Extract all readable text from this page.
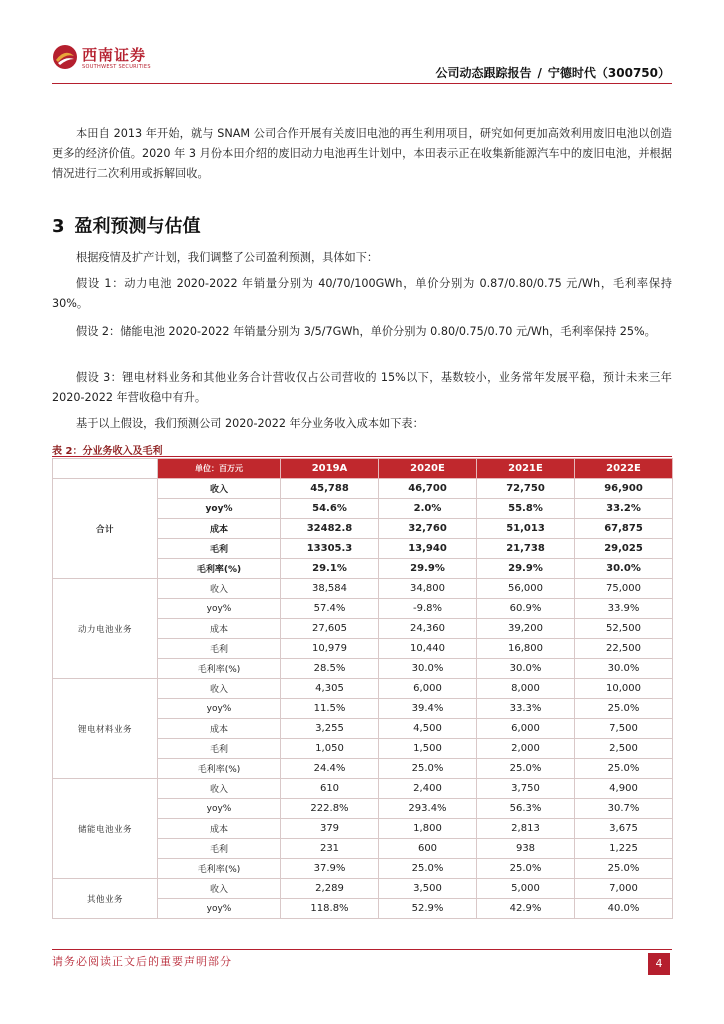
西南证券
SOUTHWEST SECURITIES	公司动态跟踪报告 / 宁德时代（300750）

本田自 2013 年开始，就与 SNAM 公司合作开展有关废旧电池的再生利用项目，研究如何更加高效利用废旧电池以创造更多的经济价值。2020 年 3 月份本田介绍的废旧动力电池再生计划中，本田表示正在收集新能源汽车中的废旧电池，并根据情况进行二次利用或拆解回收。

3 盈利预测与估值

根据疫情及扩产计划，我们调整了公司盈利预测，具体如下：

假设 1：动力电池 2020-2022 年销量分别为 40/70/100GWh，单价分别为 0.87/0.80/0.75 元/Wh，毛利率保持 30%。

假设 2：储能电池 2020-2022 年销量分别为 3/5/7GWh，单价分别为 0.80/0.75/0.70 元/Wh，毛利率保持 25%。

假设 3：锂电材料业务和其他业务合计营收仅占公司营收的 15%以下，基数较小，业务常年发展平稳，预计未来三年 2020-2022 年营收稳中有升。

基于以上假设，我们预测公司 2020-2022 年分业务收入成本如下表：

表 2：分业务收入及毛利
	单位：百万元	2019A	2020E	2021E	2022E
合计	收入	45,788	46,700	72,750	96,900
	yoy%	54.6%	2.0%	55.8%	33.2%
	成本	32482.8	32,760	51,013	67,875
	毛利	13305.3	13,940	21,738	29,025
	毛利率(%)	29.1%	29.9%	29.9%	30.0%
动力电池业务	收入	38,584	34,800	56,000	75,000
	yoy%	57.4%	-9.8%	60.9%	33.9%
	成本	27,605	24,360	39,200	52,500
	毛利	10,979	10,440	16,800	22,500
	毛利率(%)	28.5%	30.0%	30.0%	30.0%
锂电材料业务	收入	4,305	6,000	8,000	10,000
	yoy%	11.5%	39.4%	33.3%	25.0%
	成本	3,255	4,500	6,000	7,500
	毛利	1,050	1,500	2,000	2,500
	毛利率(%)	24.4%	25.0%	25.0%	25.0%
储能电池业务	收入	610	2,400	3,750	4,900
	yoy%	222.8%	293.4%	56.3%	30.7%
	成本	379	1,800	2,813	3,675
	毛利	231	600	938	1,225
	毛利率(%)	37.9%	25.0%	25.0%	25.0%
其他业务	收入	2,289	3,500	5,000	7,000
	yoy%	118.8%	52.9%	42.9%	40.0%
请务必阅读正文后的重要声明部分	4
